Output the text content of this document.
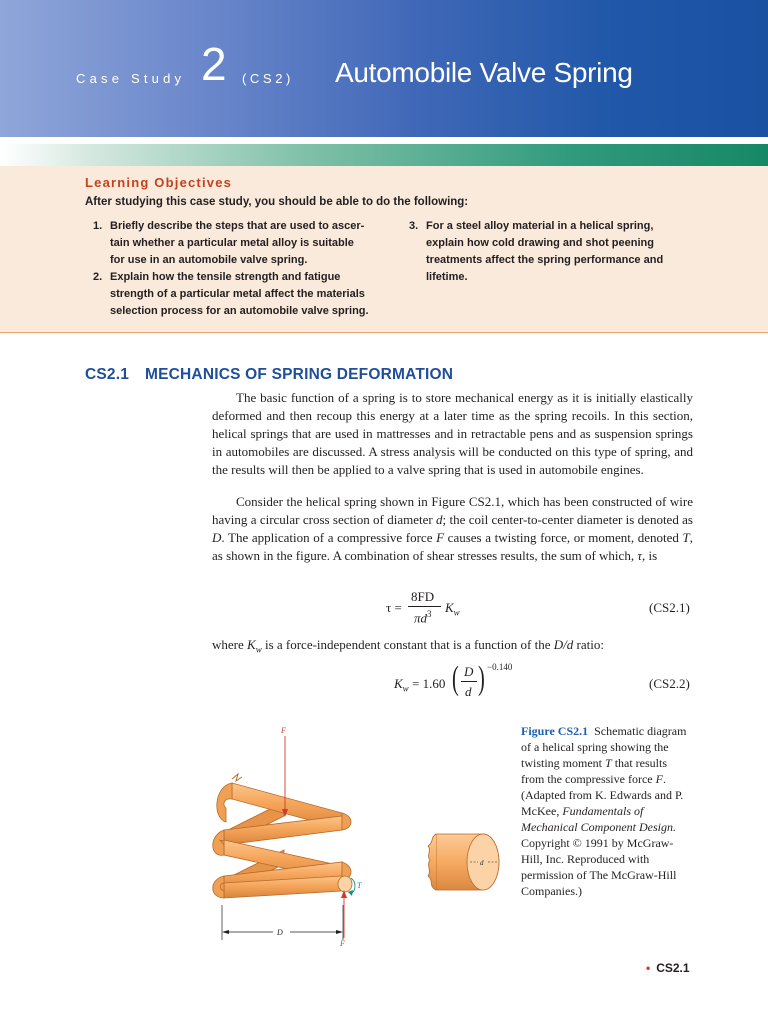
Case Study 2 (CS2) Automobile Valve Spring
Learning Objectives
After studying this case study, you should be able to do the following:
1. Briefly describe the steps that are used to ascer-
tain whether a particular metal alloy is suitable
for use in an automobile valve spring.
2. Explain how the tensile strength and fatigue
strength of a particular metal affect the materials
selection process for an automobile valve spring.
3. For a steel alloy material in a helical spring,
explain how cold drawing and shot peening
treatments affect the spring performance and
lifetime.
CS2.1 MECHANICS OF SPRING DEFORMATION
The basic function of a spring is to store mechanical energy as it is initially elastically deformed and then recoup this energy at a later time as the spring recoils. In this section, helical springs that are used in mattresses and in retractable pens and as suspension springs in automobiles are discussed. A stress analysis will be conducted on this type of spring, and the results will then be applied to a valve spring that is used in automobile engines.
Consider the helical spring shown in Figure CS2.1, which has been constructed of wire having a circular cross section of diameter d; the coil center-to-center diameter is denoted as D. The application of a compressive force F causes a twisting force, or moment, denoted T, as shown in the figure. A combination of shear stresses results, the sum of which, τ, is
τ =
8FD
$\pi d^3$ $K_w$	(CS2.1)
where $K_w$ is a force-independent constant that is a function of the D/d ratio:
$K_w = 1.60$ ( D
d ) −0.140
(CS2.2)
F
F
T
D
d
Figure CS2.1 Schematic diagram of a helical spring showing the twisting moment T that results from the compressive force F. (Adapted from K. Edwards and P. McKee, Fundamentals of Mechanical Component Design. Copyright © 1991 by McGraw-Hill, Inc. Reproduced with permission of The McGraw-Hill Companies.)
• CS2.1
